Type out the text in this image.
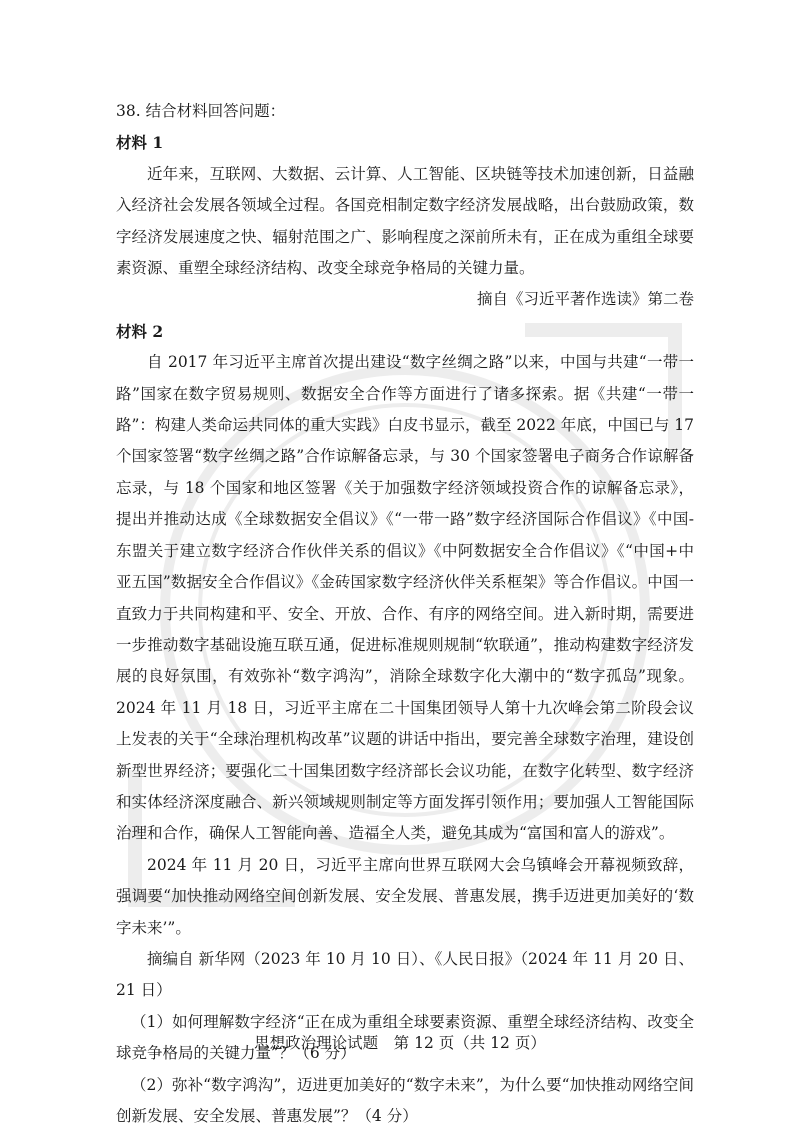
38. 结合材料回答问题：

材料 1

近年来，互联网、大数据、云计算、人工智能、区块链等技术加速创新，日益融入经济社会发展各领域全过程。各国竞相制定数字经济发展战略，出台鼓励政策，数字经济发展速度之快、辐射范围之广、影响程度之深前所未有，正在成为重组全球要素资源、重塑全球经济结构、改变全球竞争格局的关键力量。

摘自《习近平著作选读》第二卷

材料 2

自 2017 年习近平主席首次提出建设“数字丝绸之路”以来，中国与共建“一带一路”国家在数字贸易规则、数据安全合作等方面进行了诸多探索。据《共建“一带一路”：构建人类命运共同体的重大实践》白皮书显示，截至 2022 年底，中国已与 17 个国家签署“数字丝绸之路”合作谅解备忘录，与 30 个国家签署电子商务合作谅解备忘录，与 18 个国家和地区签署《关于加强数字经济领域投资合作的谅解备忘录》，提出并推动达成《全球数据安全倡议》《“一带一路”数字经济国际合作倡议》《中国-东盟关于建立数字经济合作伙伴关系的倡议》《中阿数据安全合作倡议》《“中国+中亚五国”数据安全合作倡议》《金砖国家数字经济伙伴关系框架》等合作倡议。中国一直致力于共同构建和平、安全、开放、合作、有序的网络空间。进入新时期，需要进一步推动数字基础设施互联互通，促进标准规则规制“软联通”，推动构建数字经济发展的良好氛围，有效弥补“数字鸿沟”，消除全球数字化大潮中的“数字孤岛”现象。2024 年 11 月 18 日，习近平主席在二十国集团领导人第十九次峰会第二阶段会议上发表的关于“全球治理机构改革”议题的讲话中指出，要完善全球数字治理，建设创新型世界经济；要强化二十国集团数字经济部长会议功能，在数字化转型、数字经济和实体经济深度融合、新兴领域规则制定等方面发挥引领作用；要加强人工智能国际治理和合作，确保人工智能向善、造福全人类，避免其成为“富国和富人的游戏”。

2024 年 11 月 20 日，习近平主席向世界互联网大会乌镇峰会开幕视频致辞，强调要“加快推动网络空间创新发展、安全发展、普惠发展，携手迈进更加美好的‘数字未来’”。

摘编自 新华网（2023 年 10 月 10 日）、《人民日报》（2024 年 11 月 20 日、21 日）

（1）如何理解数字经济“正在成为重组全球要素资源、重塑全球经济结构、改变全球竞争格局的关键力量”？（6 分）

（2）弥补“数字鸿沟”，迈进更加美好的“数字未来”，为什么要“加快推动网络空间创新发展、安全发展、普惠发展”？（4 分）

思想政治理论试题　第 12 页（共 12 页）
